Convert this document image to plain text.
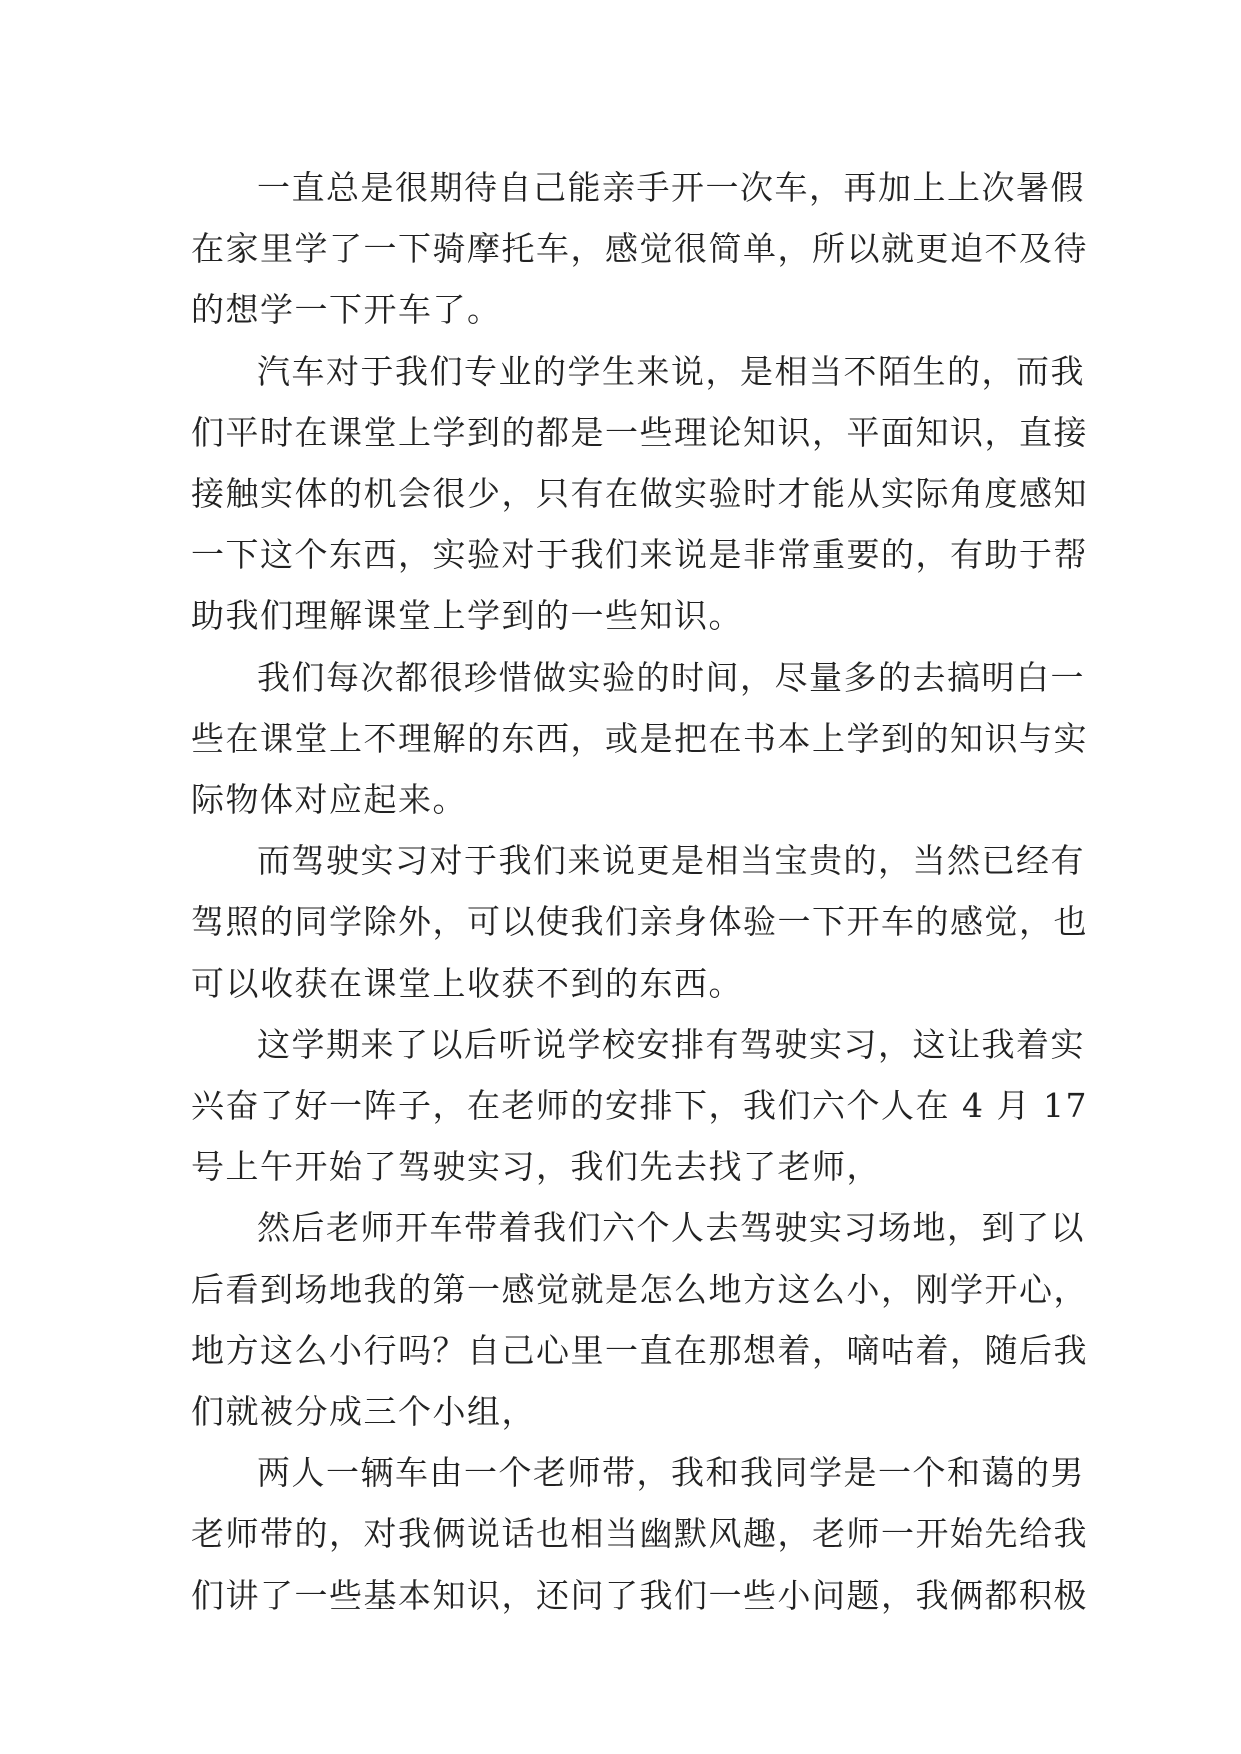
一直总是很期待自己能亲手开一次车，再加上上次暑假
在家里学了一下骑摩托车，感觉很简单，所以就更迫不及待
的想学一下开车了。

汽车对于我们专业的学生来说，是相当不陌生的，而我
们平时在课堂上学到的都是一些理论知识，平面知识，直接
接触实体的机会很少，只有在做实验时才能从实际角度感知
一下这个东西，实验对于我们来说是非常重要的，有助于帮
助我们理解课堂上学到的一些知识。

我们每次都很珍惜做实验的时间，尽量多的去搞明白一
些在课堂上不理解的东西，或是把在书本上学到的知识与实
际物体对应起来。

而驾驶实习对于我们来说更是相当宝贵的，当然已经有
驾照的同学除外，可以使我们亲身体验一下开车的感觉，也
可以收获在课堂上收获不到的东西。

这学期来了以后听说学校安排有驾驶实习，这让我着实
兴奋了好一阵子，在老师的安排下，我们六个人在 4 月 17
号上午开始了驾驶实习，我们先去找了老师，

然后老师开车带着我们六个人去驾驶实习场地，到了以
后看到场地我的第一感觉就是怎么地方这么小，刚学开心，
地方这么小行吗？自己心里一直在那想着，嘀咕着，随后我
们就被分成三个小组，

两人一辆车由一个老师带，我和我同学是一个和蔼的男
老师带的，对我俩说话也相当幽默风趣，老师一开始先给我
们讲了一些基本知识，还问了我们一些小问题，我俩都积极
